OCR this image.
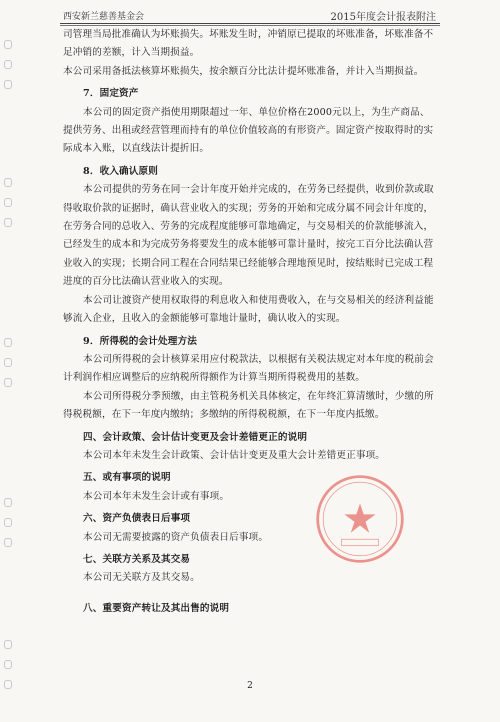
西安新兰慈善基金会	2015年度会计报表附注

司管理当局批准确认为坏账损失。坏账发生时，冲销原已提取的坏账准备，坏账准备不足冲销的差额，计入当期损益。

本公司采用备抵法核算坏账损失，按余额百分比法计提坏账准备，并计入当期损益。

7．固定资产

本公司的固定资产指使用期限超过一年、单位价格在2000元以上，为生产商品、提供劳务、出租或经营管理而持有的单位价值较高的有形资产。固定资产按取得时的实际成本入账，以直线法计提折旧。

8．收入确认原则

本公司提供的劳务在同一会计年度开始并完成的，在劳务已经提供，收到价款或取得收取价款的证据时，确认营业收入的实现；劳务的开始和完成分属不同会计年度的，在劳务合同的总收入、劳务的完成程度能够可靠地确定，与交易相关的价款能够流入，已经发生的成本和为完成劳务将要发生的成本能够可靠计量时，按完工百分比法确认营业收入的实现；长期合同工程在合同结果已经能够合理地预见时，按结账时已完成工程进度的百分比法确认营业收入的实现。

本公司让渡资产使用权取得的利息收入和使用费收入，在与交易相关的经济利益能够流入企业，且收入的金额能够可靠地计量时，确认收入的实现。

9．所得税的会计处理方法

本公司所得税的会计核算采用应付税款法，以根据有关税法规定对本年度的税前会计利润作相应调整后的应纳税所得额作为计算当期所得税费用的基数。

本公司所得税分季预缴，由主管税务机关具体核定，在年终汇算清缴时，少缴的所得税税额，在下一年度内缴纳；多缴纳的所得税税额，在下一年度内抵缴。

四、会计政策、会计估计变更及会计差错更正的说明

本公司本年未发生会计政策、会计估计变更及重大会计差错更正事项。

五、或有事项的说明

本公司本年未发生会计或有事项。

六、资产负债表日后事项

本公司无需要披露的资产负债表日后事项。

七、关联方关系及其交易

本公司无关联方及其交易。

八、重要资产转让及其出售的说明

2
